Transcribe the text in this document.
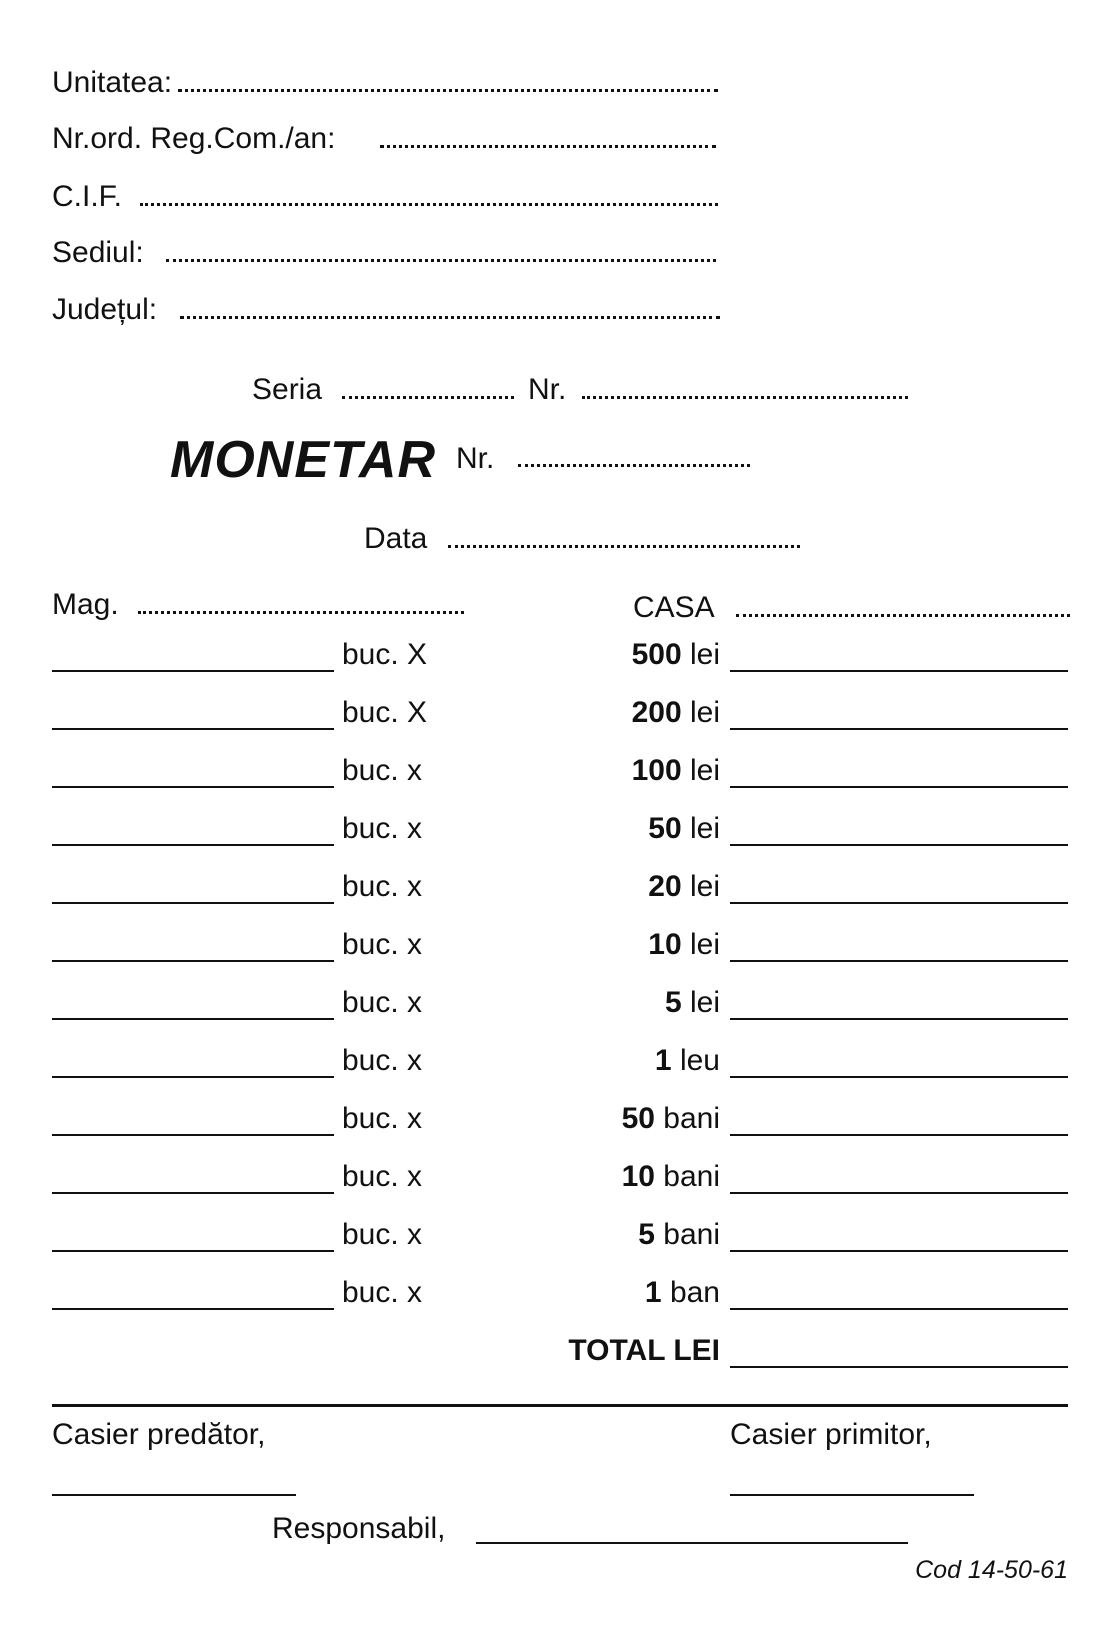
Unitatea:
Nr.ord. Reg.Com./an:
C.I.F.
Sediul:
Județul:
Seria	Nr.
MONETAR Nr.
Data
Mag.	CASA
buc. X	500 lei
buc. X	200 lei
buc. x	100 lei
buc. x	50 lei
buc. x	20 lei
buc. x	10 lei
buc. x	5 lei
buc. x	1 leu
buc. x	50 bani
buc. x	10 bani
buc. x	5 bani
buc. x	1 ban
TOTAL LEI
Casier predător,	Casier primitor,
Responsabil,
Cod 14-50-61
